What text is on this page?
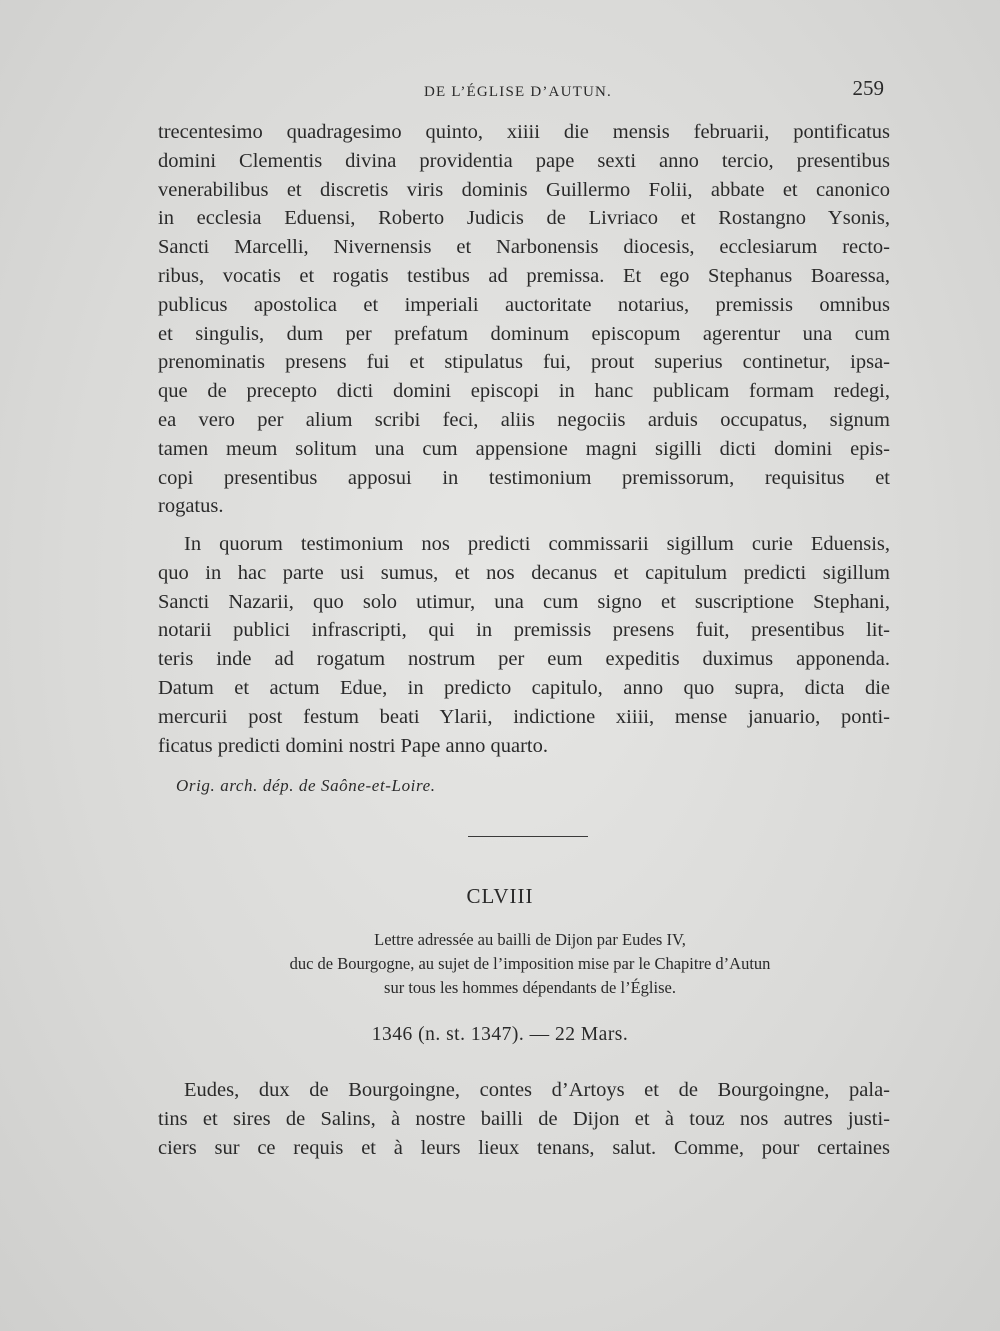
DE L’ÉGLISE D’AUTUN.	259
trecentesimo quadragesimo quinto, xiiii die mensis februarii, pontificatus
domini Clementis divina providentia pape sexti anno tercio, presentibus
venerabilibus et discretis viris dominis Guillermo Folii, abbate et canonico
in ecclesia Eduensi, Roberto Judicis de Livriaco et Rostangno Ysonis,
Sancti Marcelli, Nivernensis et Narbonensis diocesis, ecclesiarum recto-
ribus, vocatis et rogatis testibus ad premissa. Et ego Stephanus Boaressa,
publicus apostolica et imperiali auctoritate notarius, premissis omnibus
et singulis, dum per prefatum dominum episcopum agerentur una cum
prenominatis presens fui et stipulatus fui, prout superius continetur, ipsa-
que de precepto dicti domini episcopi in hanc publicam formam redegi,
ea vero per alium scribi feci, aliis negociis arduis occupatus, signum
tamen meum solitum una cum appensione magni sigilli dicti domini epis-
copi presentibus apposui in testimonium premissorum, requisitus et
rogatus.
In quorum testimonium nos predicti commissarii sigillum curie Eduensis,
quo in hac parte usi sumus, et nos decanus et capitulum predicti sigillum
Sancti Nazarii, quo solo utimur, una cum signo et suscriptione Stephani,
notarii publici infrascripti, qui in premissis presens fuit, presentibus lit-
teris inde ad rogatum nostrum per eum expeditis duximus apponenda.
Datum et actum Edue, in predicto capitulo, anno quo supra, dicta die
mercurii post festum beati Ylarii, indictione xiiii, mense januario, ponti-
ficatus predicti domini nostri Pape anno quarto.
Orig. arch. dép. de Saône-et-Loire.
CLVIII
Lettre adressée au bailli de Dijon par Eudes IV,
duc de Bourgogne, au sujet de l’imposition mise par le Chapitre d’Autun
sur tous les hommes dépendants de l’Église.
1346 (n. st. 1347). — 22 Mars.
Eudes, dux de Bourgoingne, contes d’Artoys et de Bourgoingne, pala-
tins et sires de Salins, à nostre bailli de Dijon et à touz nos autres justi-
ciers sur ce requis et à leurs lieux tenans, salut. Comme, pour certaines
